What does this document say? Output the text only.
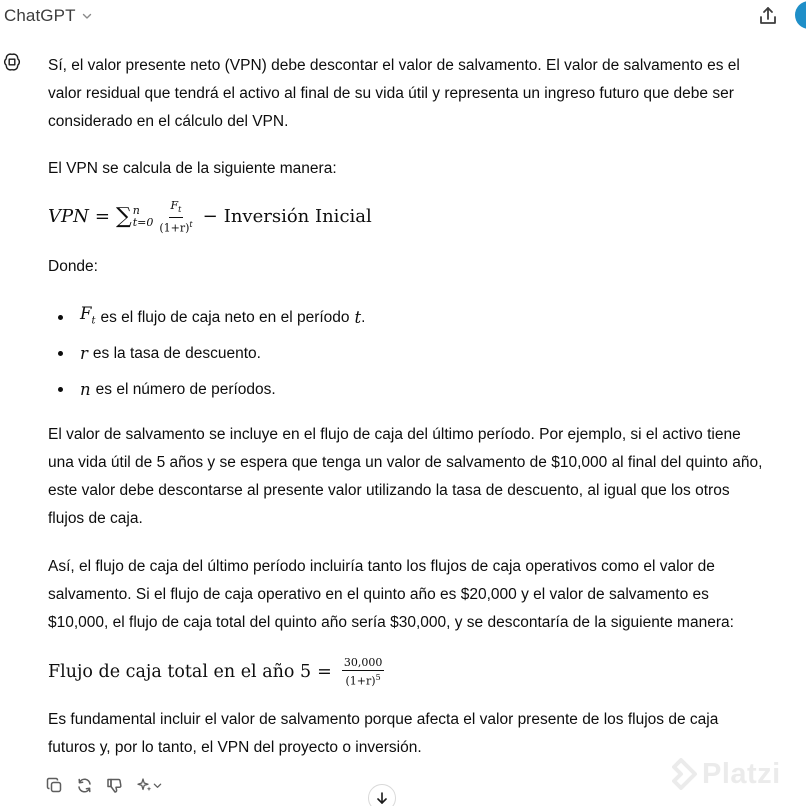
ChatGPT

Sí, el valor presente neto (VPN) debe descontar el valor de salvamento. El valor de salvamento es el valor residual que tendrá el activo al final de su vida útil y representa un ingreso futuro que debe ser considerado en el cálculo del VPN.

El VPN se calcula de la siguiente manera:

VPN = ∑ n
$t=0 \frac{F_t}{(1+r)^t}$ − Inversión Inicial

Donde:

$F_t$ es el flujo de caja neto en el período t .
r es la tasa de descuento.
n es el número de períodos.

El valor de salvamento se incluye en el flujo de caja del último período. Por ejemplo, si el activo tiene una vida útil de 5 años y se espera que tenga un valor de salvamento de $10,000 al final del quinto año, este valor debe descontarse al presente valor utilizando la tasa de descuento, al igual que los otros flujos de caja.

Así, el flujo de caja del último período incluiría tanto los flujos de caja operativos como el valor de salvamento. Si el flujo de caja operativo en el quinto año es $20,000 y el valor de salvamento es $10,000, el flujo de caja total del quinto año sería $30,000, y se descontaría de la siguiente manera:

Flujo de caja total en el año $5 = \frac{30,000}{(1+r)^5}$

Es fundamental incluir el valor de salvamento porque afecta el valor presente de los flujos de caja futuros y, por lo tanto, el VPN del proyecto o inversión.

Platzi
